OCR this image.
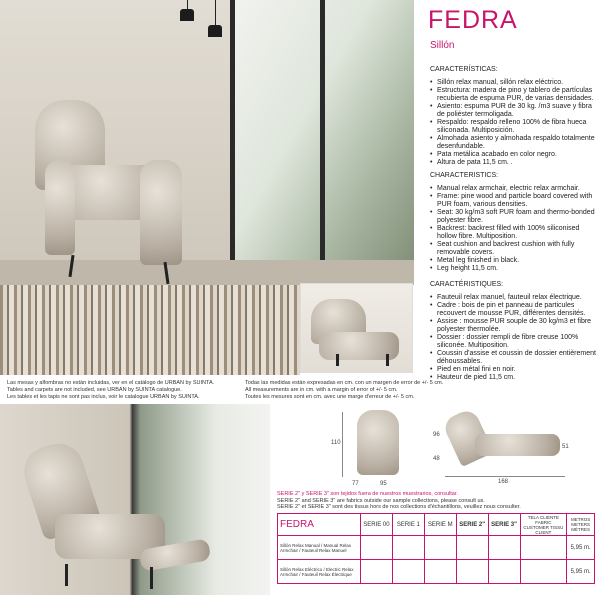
FEDRA
Sillón
CARACTERÍSTICAS:
• Sillón relax manual, sillón relax eléctrico.
• Estructura: madera de pino y tablero de partículas recubierta de espuma PUR, de varias densidades.
• Asiento: espuma PUR de 30 kg. /m3 suave y fibra de poliéster termoligada.
• Respaldo: respaldo relleno 100% de fibra hueca siliconada. Multiposición.
• Almohada asiento y almohada respaldo totalmente desenfundable.
• Pata metálica acabado en color negro.
• Altura de pata 11,5 cm. .
CHARACTERISTICS:
• Manual relax armchair, electric relax armchair.
• Frame: pine wood and particle board covered with PUR foam, various densities.
• Seat: 30 kg/m3 soft PUR foam and thermo-bonded polyester fibre.
• Backrest: backrest filled with 100% siliconised hollow fibre. Multiposition.
• Seat cushion and backrest cushion with fully removable covers.
• Metal leg finished in black.
• Leg height 11,5 cm.
CARACTÉRISTIQUES:
• Fauteuil relax manuel, fauteuil relax électrique.
• Cadre : bois de pin et panneau de particules recouvert de mousse PUR, différentes densités.
• Assise : mousse PUR souple de 30 kg/m3 et fibre polyester thermolée.
• Dossier : dossier rempli de fibre creuse 100% siliconée. Multiposition.
• Coussin d'assise et coussin de dossier entièrement déhoussables.
• Pied en métal fini en noir.
• Hauteur de pied 11,5 cm.
Las mesas y alfombras no están incluidas, ver en el catálogo de URBAN by SUINTA.
Tables and carpets are not included, see URBAN by SUINTA catalogue.
Les tables et les tapis ne sont pas inclus, voir le catalogue URBAN by SUINTA.
Todas las medidas están expresadas en cm. con un margen de error de +/- 5 cm.
All measurements are in cm. with a margin of error of +/- 5 cm.
Toutes les mesures sont en cm. avec une marge d'erreur de +/- 5 cm.
110
77	95
96
48
51
168
SERIE 2" y SERIE 3" son tejidos fuera de nuestros muestrarios, consultar.
SERIE 2" and SERIE 3" are fabrics outside our sample collections, please consult us.
SERIE 2" et SERIE 3" sont des tissus hors de nos collections d'échantillons, veuillez nous consulter.
FEDRA	SERIE 00	SERIE 1	SERIE M	SERIE 2"	SERIE 3"	TELA CLIENTE FABRIC CUSTOMER TISSU CLIENT	METROS METERS MÈTRES
Sillón Relax Manual / Manual Relax Armchair / Fauteuil Relax Manuel							5,95 m.
Sillón Relax Eléctrico / Electric Relax Armchair / Fauteuil Relax Électrique							5,95 m.
